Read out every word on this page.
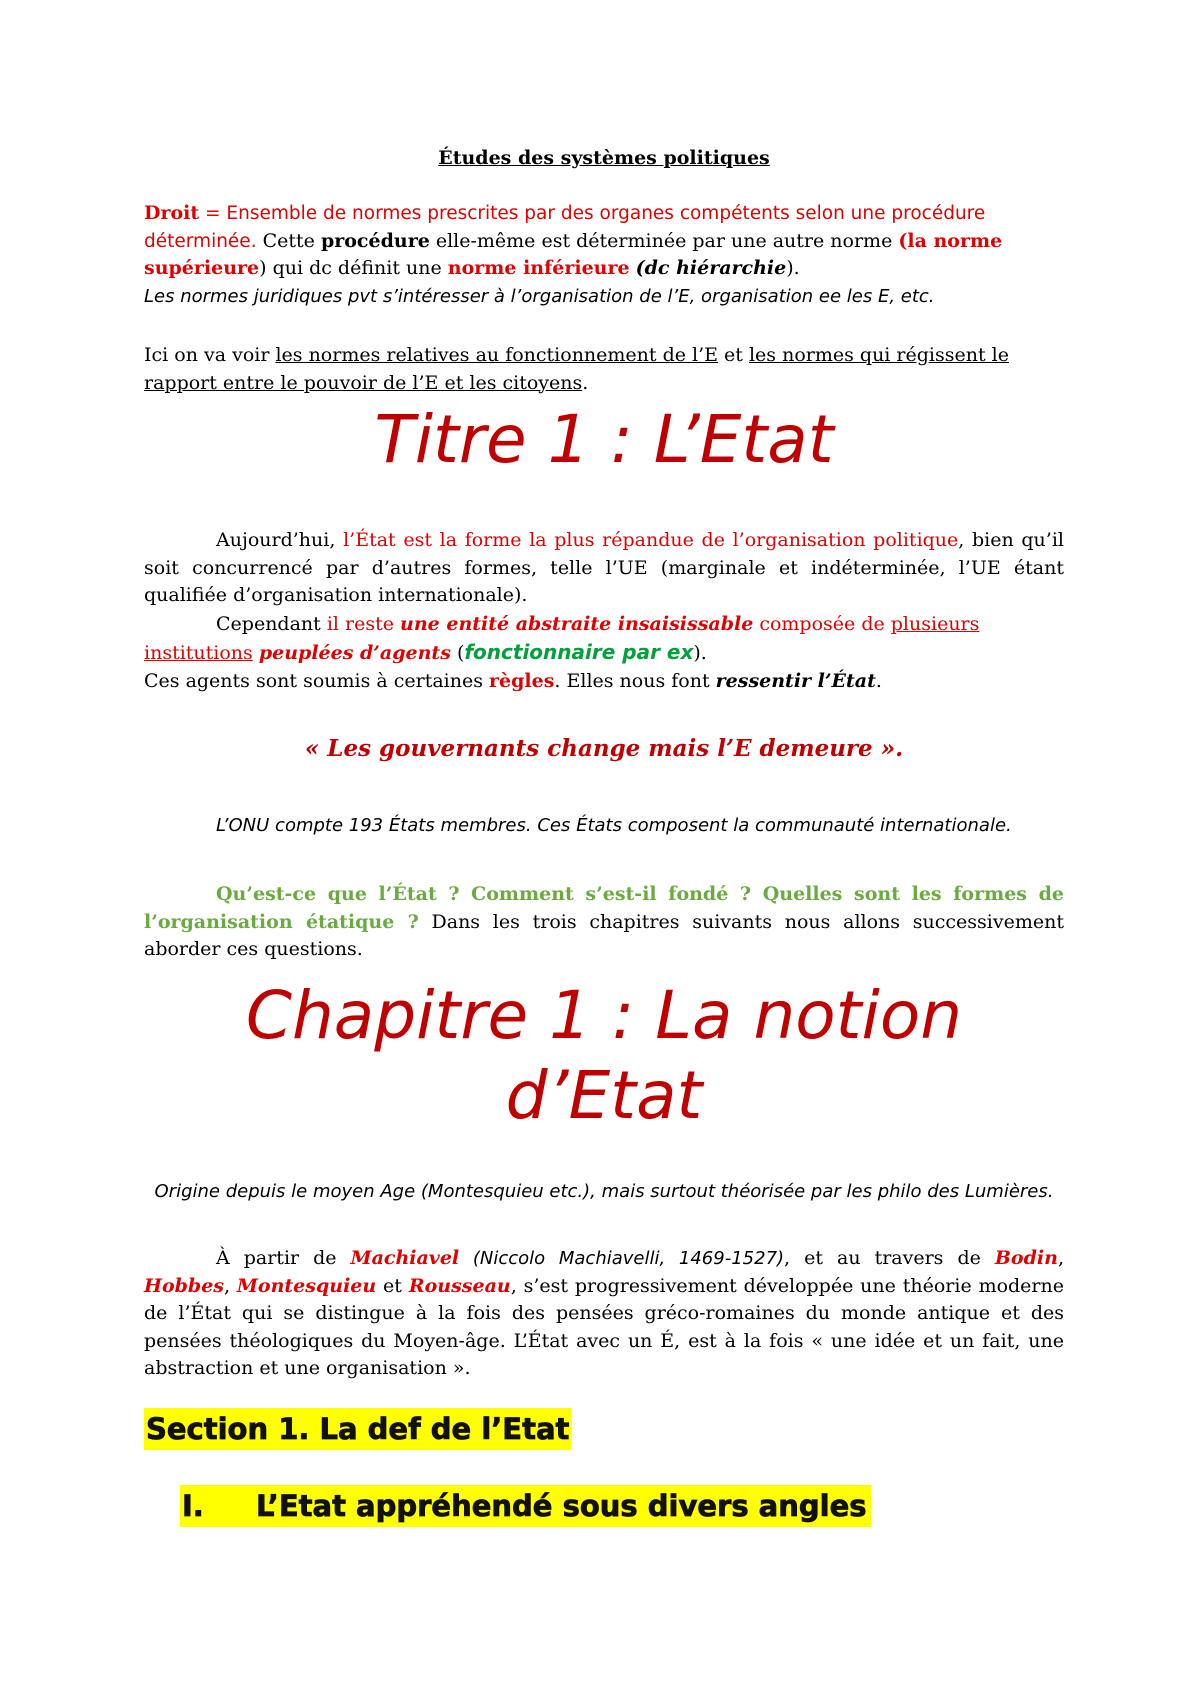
Études des systèmes politiques

Droit = Ensemble de normes prescrites par des organes compétents selon une procédure déterminée. Cette procédure elle-même est déterminée par une autre norme (la norme supérieure) qui dc définit une norme inférieure (dc hiérarchie).

Les normes juridiques pvt s’intéresser à l’organisation de l’E, organisation ee les E, etc.

Ici on va voir les normes relatives au fonctionnement de l’E et les normes qui régissent le rapport entre le pouvoir de l’E et les citoyens.

Titre 1 : L’Etat

Aujourd’hui, l’État est la forme la plus répandue de l’organisation politique, bien qu’il soit concurrencé par d’autres formes, telle l’UE (marginale et indéterminée, l’UE étant qualifiée d’organisation internationale).

Cependant il reste une entité abstraite insaisissable composée de plusieurs institutions peuplées d’agents (fonctionnaire par ex).

Ces agents sont soumis à certaines règles. Elles nous font ressentir l’État.

« Les gouvernants change mais l’E demeure ».

L’ONU compte 193 États membres. Ces États composent la communauté internationale.

Qu’est-ce que l’État ? Comment s’est-il fondé ? Quelles sont les formes de l’organisation étatique ? Dans les trois chapitres suivants nous allons successivement aborder ces questions.

Chapitre 1 : La notion d’Etat

Origine depuis le moyen Age (Montesquieu etc.), mais surtout théorisée par les philo des Lumières.

À partir de Machiavel (Niccolo Machiavelli, 1469-1527), et au travers de Bodin, Hobbes, Montesquieu et Rousseau, s’est progressivement développée une théorie moderne de l’État qui se distingue à la fois des pensées gréco-romaines du monde antique et des pensées théologiques du Moyen-âge. L’État avec un É, est à la fois « une idée et un fait, une abstraction et une organisation ».

Section 1. La def de l’Etat

I. L’Etat appréhendé sous divers angles
